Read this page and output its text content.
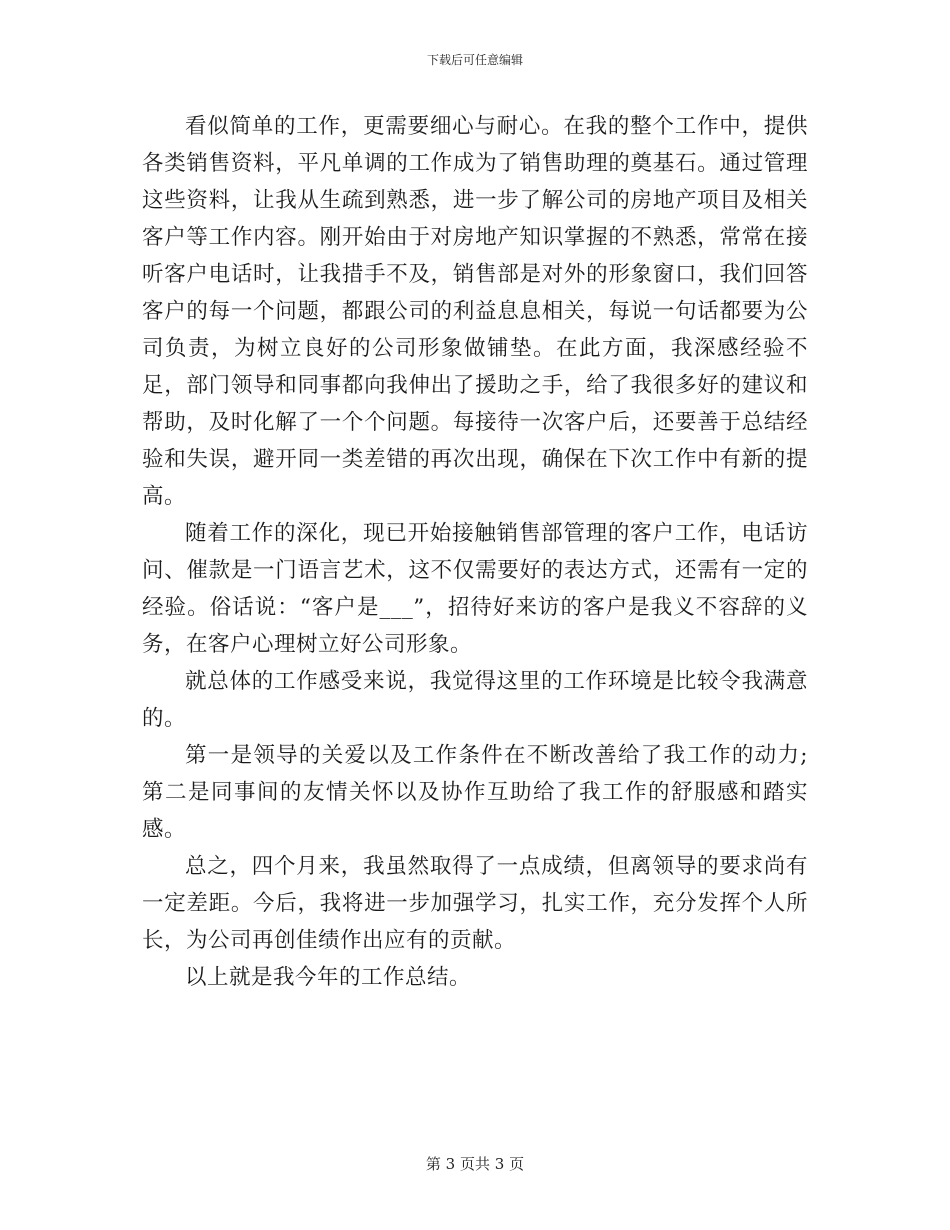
下载后可任意编辑

看似简单的工作，更需要细心与耐心。在我的整个工作中，提供各类销售资料，平凡单调的工作成为了销售助理的奠基石。通过管理这些资料，让我从生疏到熟悉，进一步了解公司的房地产项目及相关客户等工作内容。刚开始由于对房地产知识掌握的不熟悉，常常在接听客户电话时，让我措手不及，销售部是对外的形象窗口，我们回答客户的每一个问题，都跟公司的利益息息相关，每说一句话都要为公司负责，为树立良好的公司形象做铺垫。在此方面，我深感经验不足，部门领导和同事都向我伸出了援助之手，给了我很多好的建议和帮助，及时化解了一个个问题。每接待一次客户后，还要善于总结经验和失误，避开同一类差错的再次出现，确保在下次工作中有新的提高。

随着工作的深化，现已开始接触销售部管理的客户工作，电话访问、催款是一门语言艺术，这不仅需要好的表达方式，还需有一定的经验。俗话说：“客户是___”，招待好来访的客户是我义不容辞的义务，在客户心理树立好公司形象。

就总体的工作感受来说，我觉得这里的工作环境是比较令我满意的。

第一是领导的关爱以及工作条件在不断改善给了我工作的动力;第二是同事间的友情关怀以及协作互助给了我工作的舒服感和踏实感。

总之，四个月来，我虽然取得了一点成绩，但离领导的要求尚有一定差距。今后，我将进一步加强学习，扎实工作，充分发挥个人所长，为公司再创佳绩作出应有的贡献。

以上就是我今年的工作总结。

第 3 页共 3 页
